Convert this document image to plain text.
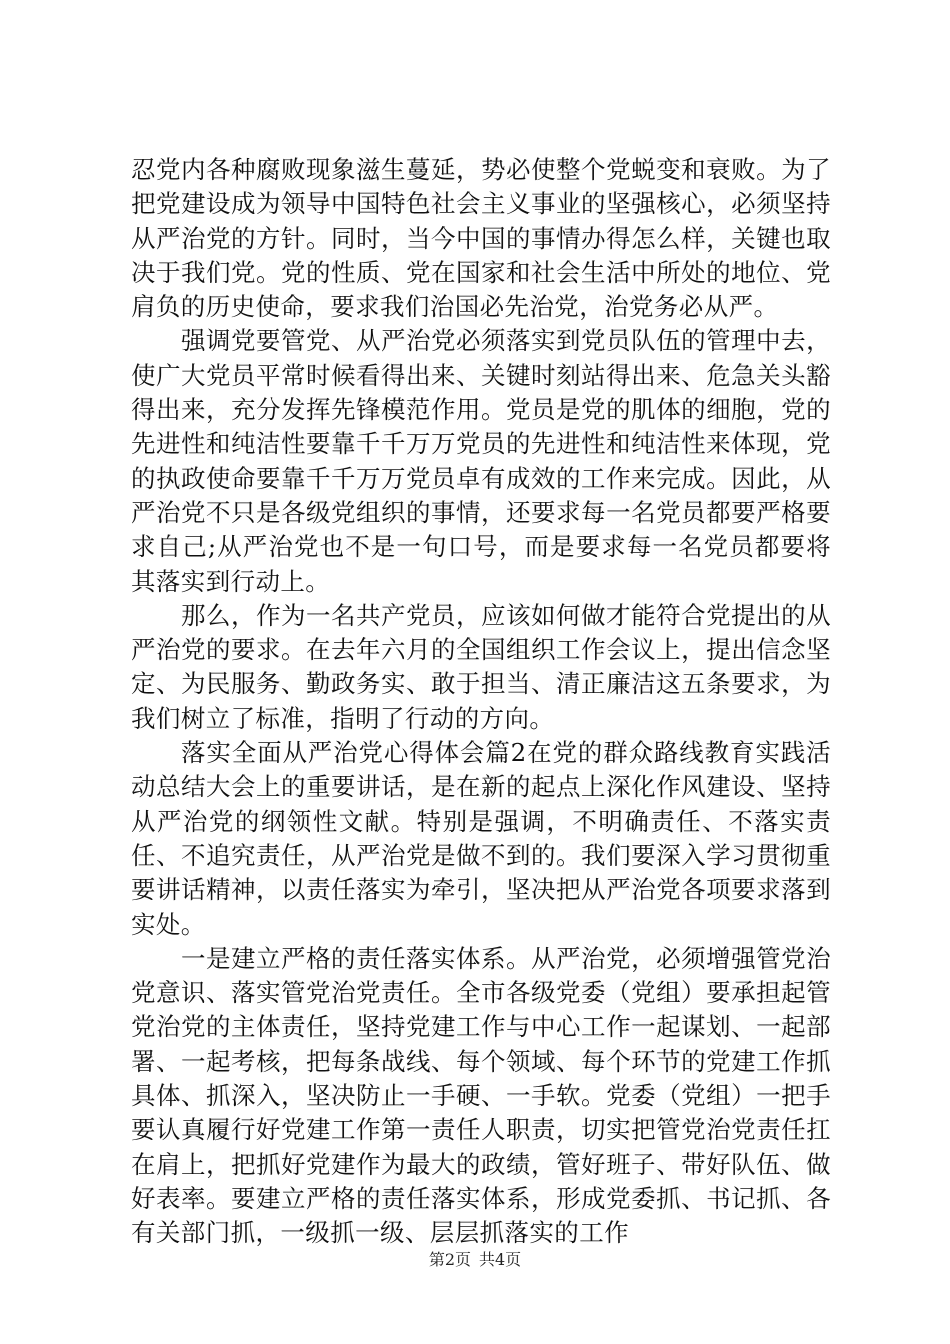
忍党内各种腐败现象滋生蔓延，势必使整个党蜕变和衰败。为了把党建设成为领导中国特色社会主义事业的坚强核心，必须坚持从严治党的方针。同时，当今中国的事情办得怎么样，关键也取决于我们党。党的性质、党在国家和社会生活中所处的地位、党肩负的历史使命，要求我们治国必先治党，治党务必从严。

强调党要管党、从严治党必须落实到党员队伍的管理中去，使广大党员平常时候看得出来、关键时刻站得出来、危急关头豁得出来，充分发挥先锋模范作用。党员是党的肌体的细胞，党的先进性和纯洁性要靠千千万万党员的先进性和纯洁性来体现，党的执政使命要靠千千万万党员卓有成效的工作来完成。因此，从严治党不只是各级党组织的事情，还要求每一名党员都要严格要求自己;从严治党也不是一句口号，而是要求每一名党员都要将其落实到行动上。

那么，作为一名共产党员，应该如何做才能符合党提出的从严治党的要求。在去年六月的全国组织工作会议上，提出信念坚定、为民服务、勤政务实、敢于担当、清正廉洁这五条要求，为我们树立了标准，指明了行动的方向。

落实全面从严治党心得体会篇2在党的群众路线教育实践活动总结大会上的重要讲话，是在新的起点上深化作风建设、坚持从严治党的纲领性文献。特别是强调，不明确责任、不落实责任、不追究责任，从严治党是做不到的。我们要深入学习贯彻重要讲话精神，以责任落实为牵引，坚决把从严治党各项要求落到实处。

一是建立严格的责任落实体系。从严治党，必须增强管党治党意识、落实管党治党责任。全市各级党委（党组）要承担起管党治党的主体责任，坚持党建工作与中心工作一起谋划、一起部署、一起考核，把每条战线、每个领域、每个环节的党建工作抓具体、抓深入，坚决防止一手硬、一手软。党委（党组）一把手要认真履行好党建工作第一责任人职责，切实把管党治党责任扛在肩上，把抓好党建作为最大的政绩，管好班子、带好队伍、做好表率。要建立严格的责任落实体系，形成党委抓、书记抓、各有关部门抓，一级抓一级、层层抓落实的工作

第2页 共4页
